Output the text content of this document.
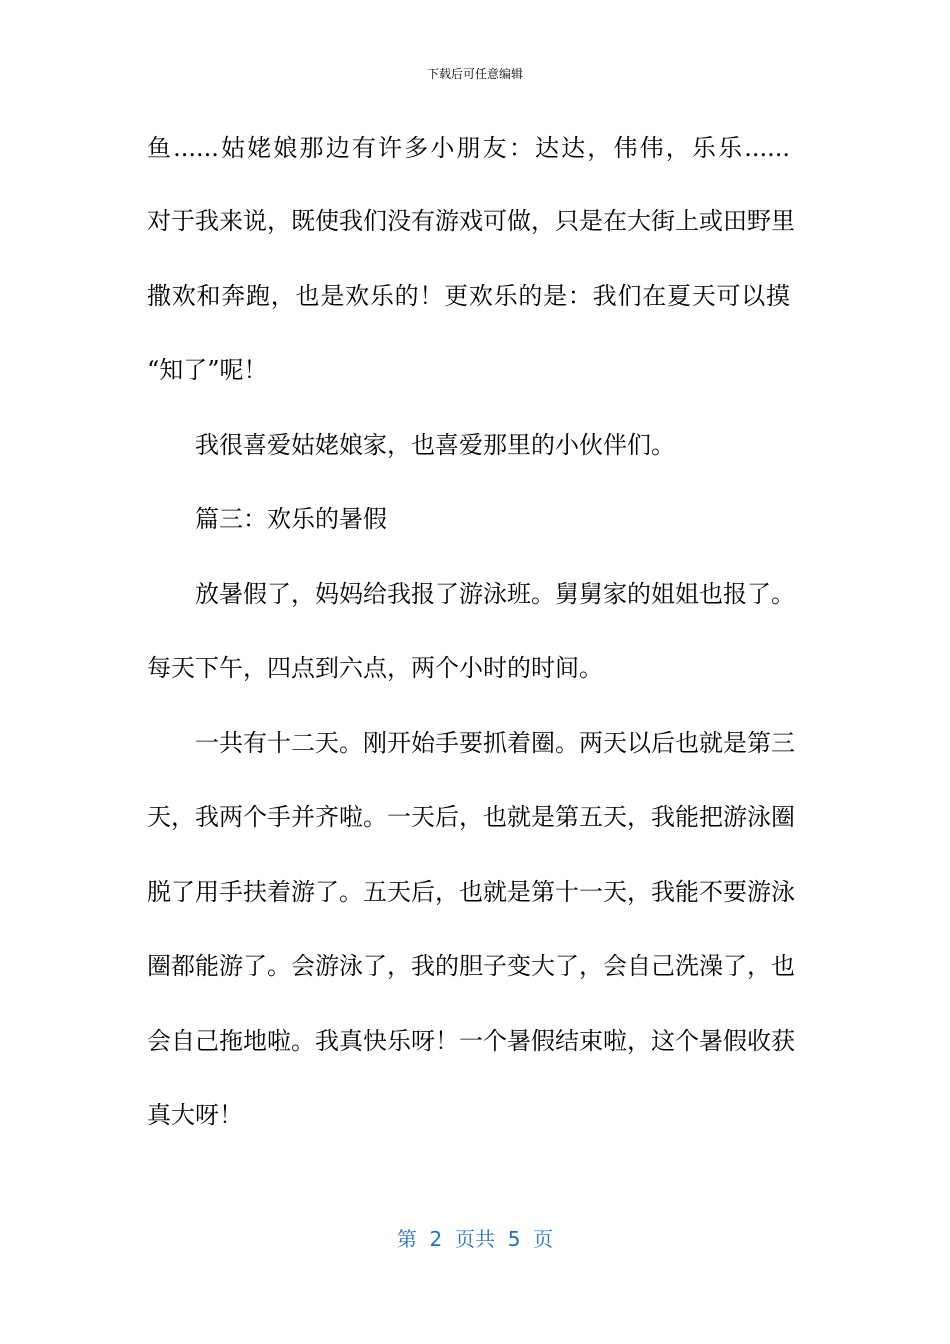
下载后可任意编辑
鱼......姑姥娘那边有许多小朋友：达达，伟伟，乐乐......
对于我来说，既使我们没有游戏可做，只是在大街上或田野里
撒欢和奔跑，也是欢乐的！更欢乐的是：我们在夏天可以摸
“知了”呢！
我很喜爱姑姥娘家，也喜爱那里的小伙伴们。
篇三：欢乐的暑假
放暑假了，妈妈给我报了游泳班。舅舅家的姐姐也报了。
每天下午，四点到六点，两个小时的时间。
一共有十二天。刚开始手要抓着圈。两天以后也就是第三
天，我两个手并齐啦。一天后，也就是第五天，我能把游泳圈
脱了用手扶着游了。五天后，也就是第十一天，我能不要游泳
圈都能游了。会游泳了，我的胆子变大了，会自己洗澡了，也
会自己拖地啦。我真快乐呀！一个暑假结束啦，这个暑假收获
真大呀！
第  2  页共  5  页
